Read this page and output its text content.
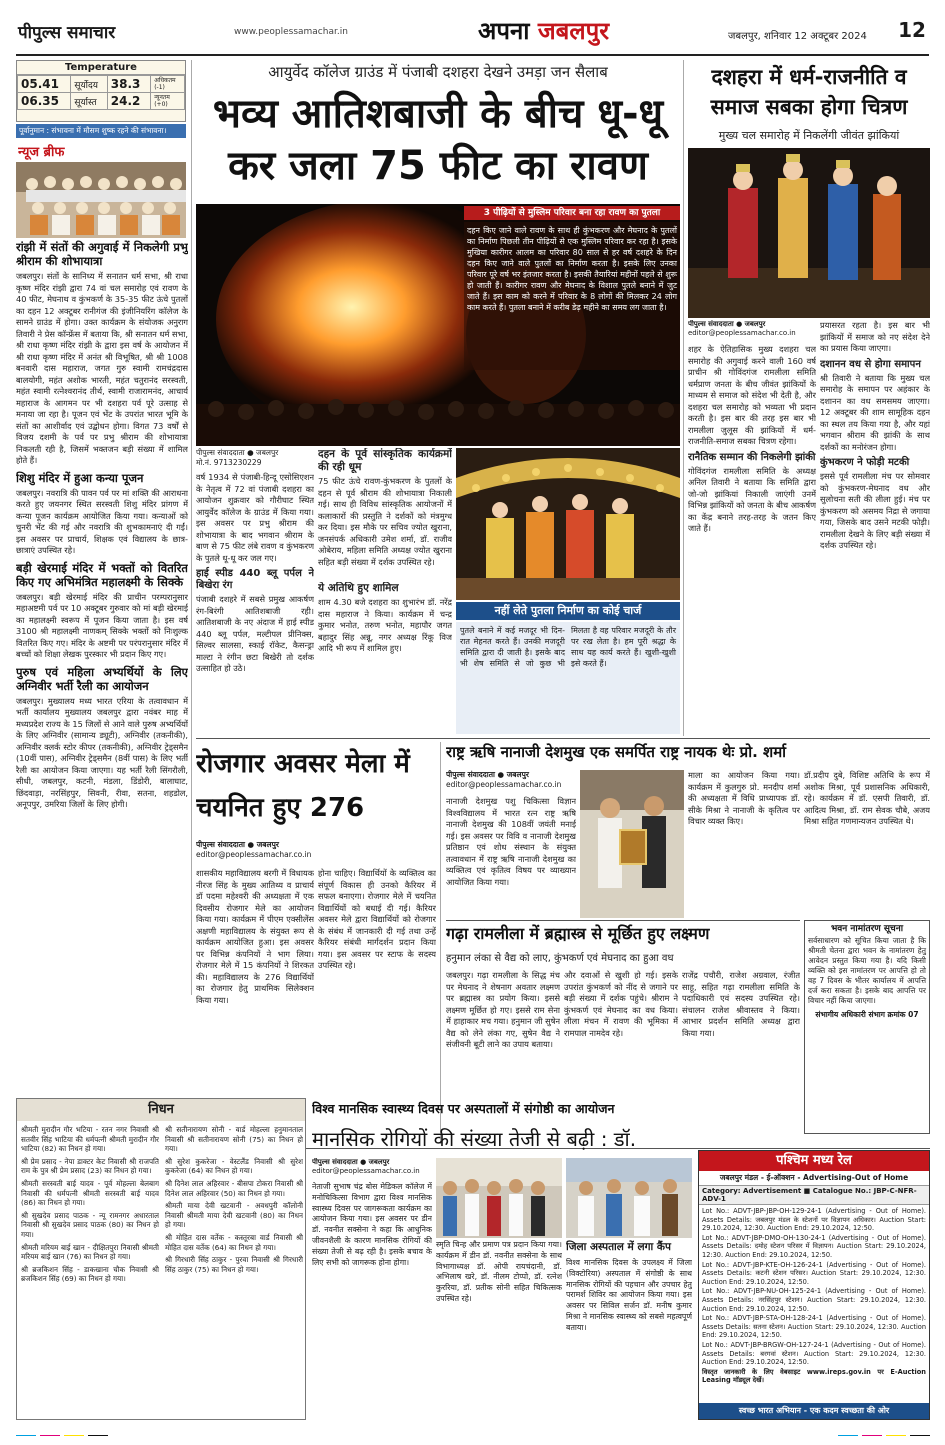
पीपुल्स समाचार	www.peoplessamachar.in	अपना जबलपुर	जबलपुर, शनिवार 12 अक्टूबर 2024 12
Temperature
05.41	सूर्योदय	38.3	अधिकतम
(-1)
06.35	सूर्यास्त	24.2	न्यूनतम
(+0)
पूर्वानुमान : संभावना में मौसम शुष्क रहने की संभावना।
न्यूज ब्रीफ
रांझी में संतों की अगुवाई में निकलेगी प्रभु श्रीराम की शोभायात्रा

जबलपुर। संतों के सानिध्य में सनातन धर्म सभा, श्री राधा कृष्ण मंदिर रांझी द्वारा 74 वां चल समारोह एवं रावण के 40 फीट, मेघनाथ व कुंभकर्ण के 35-35 फीट ऊंचे पुतलों का दहन 12 अक्टूबर रानीगंज की इंजीनियरिंग कॉलेज के सामने ग्राउंड में होगा। उक्त कार्यक्रम के संयोजक अनुराग तिवारी ने प्रेस कॉन्फ्रेंस में बताया कि, श्री सनातन धर्म सभा, श्री राधा कृष्ण मंदिर रांझी के द्वारा इस वर्ष के आयोजन में श्री राधा कृष्ण मंदिर में अनंत श्री विभूषित, श्री श्री 1008 बनवारी दास महाराज, जगत गुरु स्वामी रामचंद्रदास बालयोगी, महंत अशोक भारती, महंत चतुरानंद सरस्वती, महंत स्वामी रत्नेश्वरानंद तीर्थ, स्वामी राजारामनंद, आचार्य महाराज के आगमन पर भी दशहरा पर्व पूरे उत्साह से मनाया जा रहा है। पूजन एवं भेंट के उपरांत भारत भूमि के संतों का आशीर्वाद एवं उद्बोधन होगा। विगत 73 वर्षों से विजय दशमी के पर्व पर प्रभु श्रीराम की शोभायात्रा निकलती रही है, जिसमें भक्तजन बड़ी संख्या में शामिल होते हैं।

शिशु मंदिर में हुआ कन्या पूजन

जबलपुर। नवरात्रि की पावन पर्व पर मां शक्ति की आराधना करते हुए जयनगर स्थित सरस्वती शिशु मंदिर प्रांगण में कन्या पूजन कार्यक्रम आयोजित किया गया। कन्याओं को चुनरी भेंट की गई और नवरात्रि की शुभकामनाएं दी गईं। इस अवसर पर प्राचार्य, शिक्षक एवं विद्यालय के छात्र-छात्राएं उपस्थित रहे।

बड़ी खेरमाई मंदिर में भक्तों को वितरित किए गए अभिमंत्रित महालक्ष्मी के सिक्के

जबलपुर। बड़ी खेरमाई मंदिर की प्राचीन परम्परानुसार महाअष्टमी पर्व पर 10 अक्टूबर गुरुवार को मां बड़ी खेरमाई का महालक्ष्मी स्वरूप में पूजन किया जाता है। इस वर्ष 3100 श्री महालक्ष्मी नाणकम् सिक्के भक्तों को निःशुल्क वितरित किए गए। मंदिर के अष्टमी पर परंपरानुसार मंदिर में बच्चों को शिक्षा लेखक पुरस्कार भी प्रदान किए गए।

पुरुष एवं महिला अभ्यर्थियों के लिए अग्निवीर भर्ती रैली का आयोजन

जबलपुर। मुख्यालय मध्य भारत एरिया के तत्वावधान में भर्ती कार्यालय मुख्यालय जबलपुर द्वारा नवंबर माह में मध्यप्रदेश राज्य के 15 जिलों से आने वाले पुरुष अभ्यर्थियों के लिए अग्निवीर (सामान्य ड्यूटी), अग्निवीर (तकनीकी), अग्निवीर क्लर्क स्टोर कीपर (तकनीकी), अग्निवीर ट्रेड्समैन (10वीं पास), अग्निवीर ट्रेड्समैन (8वीं पास) के लिए भर्ती रैली का आयोजन किया जाएगा। यह भर्ती रैली सिंगरौली, सीधी, जबलपुर, कटनी, मंडला, डिंडोरी, बालाघाट, छिंदवाड़ा, नरसिंहपुर, सिवनी, रीवा, सतना, शहडोल, अनूपपुर, उमरिया जिलों के लिए होगी।

आयुर्वेद कॉलेज ग्राउंड में पंजाबी दशहरा देखने उमड़ा जन सैलाब
भव्य आतिशबाजी के बीच धू-धू कर जला 75 फीट का रावण
3 पीढ़ियों से मुस्लिम परिवार बना रहा रावण का पुतला
दहन किए जाने वाले रावण के साथ ही कुंभकरण और मेघनाद के पुतलों का निर्माण पिछली तीन पीढ़ियों से एक मुस्लिम परिवार कर रहा है। इसके मुखिया कारीगर आलम का परिवार 80 साल से हर वर्ष दशहरे के दिन दहन किए जाने वाले पुतलों का निर्माण करता है। इसके लिए उनका परिवार पूरे वर्ष भर इंतजार करता है। इसकी तैयारियां महीनों पहले से शुरू हो जाती हैं। कारीगर रावण और मेघनाद के विशाल पुतले बनाने में जुट जाते हैं। इस काम को करने में परिवार के 8 लोगों की मिलकर 24 लोग काम करते हैं। पुतला बनाने में करीब डेढ़ महीने का समय लग जाता है।
पीपुल्स संवाददाता ● जबलपुर
मो.नं. 9713230229

वर्ष 1934 से पंजाबी-हिन्दू एसोसिएशन के नेतृत्व में 72 वां पंजाबी दशहरा का आयोजन शुक्रवार को गौरीघाट स्थित आयुर्वेद कॉलेज के ग्राउंड में किया गया। इस अवसर पर प्रभु श्रीराम की शोभायात्रा के बाद भगवान श्रीराम के बाण से 75 फीट लंबे रावण व कुंभकरण के पुतले धू-धू कर जल गए।

हाई स्पीड 440 ब्लू पर्पल ने बिखेरा रंग

पंजाबी दशहरे में सबसे प्रमुख आकर्षण रंग-बिरंगी आतिशबाजी रही। आतिशबाजी के नए अंदाज में हाई स्पीड 440 ब्लू पर्पल, मल्टीपल प्रीनिक्स, सिल्वर सालसा, स्काई रॉकेट, कैसन्ड्रा माल्टा ने रंगीन छटा बिखेरी तो दर्शक उत्साहित हो उठे।

दहन के पूर्व सांस्कृतिक कार्यक्रमों की रही धूम

75 फीट ऊंचे रावण-कुंभकरण के पुतलों के दहन से पूर्व श्रीराम की शोभायात्रा निकाली गई। साथ ही विविध सांस्कृतिक आयोजनों में कलाकारों की प्रस्तुति ने दर्शकों को मंत्रमुग्ध कर दिया। इस मौके पर सचिव ज्योत खुराना, जनसंपर्क अधिकारी उमेश शर्मा, डॉ. राजीव ओबेराय, महिला समिति अध्यक्ष ज्योत खुराना सहित बड़ी संख्या में दर्शक उपस्थित रहे।

ये अतिथि हुए शामिल

शाम 4.30 बजे दशहरा का शुभारंभ डॉ. नरेंद्र दास महाराज ने किया। कार्यक्रम में चन्द्र कुमार भनोत, तरुण भनोत, महापौर जगत बहादुर सिंह अन्नू, नगर अध्यक्ष रिंकू विज आदि भी रूप में शामिल हुए।

नहीं लेते पुतला निर्माण का कोई चार्ज
पुतले बनाने में कई मजदूर भी दिन-रात मेहनत करते हैं। उनकी मजदूरी समिति द्वारा दी जाती है। इसके बाद भी शेष समिति से जो कुछ भी मिलता है वह परिवार मजदूरी के तौर पर रख लेता है। हम पूरी श्रद्धा के साथ यह कार्य करते हैं। खुशी-खुशी इसे करते हैं।
दशहरा में धर्म-राजनीति व समाज सबका होगा चित्रण
मुख्य चल समारोह में निकलेंगी जीवंत झांकियां
पीपुल्स संवाददाता ● जबलपुर
editor@peoplessamachar.co.in

शहर के ऐतिहासिक मुख्य दशहरा चल समारोह की अगुवाई करने वाली 160 वर्ष प्राचीन श्री गोविंदगंज रामलीला समिति धर्मप्राण जनता के बीच जीवंत झांकियों के माध्यम से समाज को संदेश भी देती है, और दशहरा चल समारोह को भव्यता भी प्रदान करती है। इस बार की तरह इस बार भी रामलीला जुलूस की झांकियों में धर्म-राजनीति-समाज सबका चित्रण रहेगा।

रानैतिक सम्मान की निकलेगी झांकी

गोविंदगंज रामलीला समिति के अध्यक्ष अनिल तिवारी ने बताया कि समिति द्वारा जो-जो झांकियां निकाली जाएंगी उनमें विभिन्न झांकियों को जनता के बीच आकर्षण का केंद्र बनाने तरह-तरह के जतन किए जाते हैं।

प्रयासरत रहता है। इस बार भी झांकियों में समाज को नए संदेश देने का प्रयास किया जाएगा।

दशानन वध से होगा समापन

श्री तिवारी ने बताया कि मुख्य चल समारोह के समापन पर अहंकार के दशानन का वध समसमय जाएगा। 12 अक्टूबर की शाम सामूहिक दहन का स्थल तय किया गया है, और यहां भगवान श्रीराम की झांकी के साथ दर्शकों का मनोरंजन होगा।

कुंभकरण ने फोड़ी मटकी

इससे पूर्व रामलीला मंच पर सोमवार को कुंभकरण-मेघनाद वध और सुलोचना सती की लीला हुई। मंच पर कुंभकरण को असमय निद्रा से जगाया गया, जिसके बाद उसने मटकी फोड़ी। रामलीला देखने के लिए बड़ी संख्या में दर्शक उपस्थित रहे।

रोजगार अवसर मेला में चयनित हुए 276
पीपुल्स संवाददाता ● जबलपुर
editor@peoplessamachar.co.in
शासकीय महाविद्यालय बरगी में विधायक नीरज सिंह के मुख्य आतिथ्य व प्राचार्य डॉ पदमा महेश्वरी की अध्यक्षता में एक दिवसीय रोजगार मेले का आयोजन किया गया। कार्यक्रम में पीएम एक्सीलेंस अक्षणी महाविद्यालय के संयुक्त रूप से कार्यक्रम आयोजित हुआ। इस अवसर पर विभिन्न कंपनियों ने भाग लिया। रोजगार मेले में 15 कंपनियों ने शिरकत की। महाविद्यालय के 276 विद्यार्थियों का रोजगार हेतु प्राथमिक सिलेक्शन किया गया।
होना चाहिए। विद्यार्थियों के व्यक्तित्व का संपूर्ण विकास ही उनको कैरियर में सफल बनाएगा। रोजगार मेले में चयनित विद्यार्थियों को बधाई दी गई। कैरियर अवसर मेले द्वारा विद्यार्थियों को रोजगार के संबंध में जानकारी दी गई तथा उन्हें कैरियर संबंधी मार्गदर्शन प्रदान किया गया। इस अवसर पर स्टाफ के सदस्य उपस्थित रहे।
राष्ट्र ऋषि नानाजी देशमुख एक समर्पित राष्ट्र नायक थेः प्रो. शर्मा
पीपुल्स संवाददाता ● जबलपुर
editor@peoplessamachar.co.in
नानाजी देशमुख पशु चिकित्सा विज्ञान विश्वविद्यालय में भारत रत्न राष्ट्र ऋषि नानाजी देशमुख की 108वीं जयंती मनाई गई। इस अवसर पर विवि व नानाजी देशमुख प्रतिष्ठान एवं शोध संस्थान के संयुक्त तत्वावधान में राष्ट्र ऋषि नानाजी देशमुख का व्यक्तित्व एवं कृतित्व विषय पर व्याख्यान आयोजित किया गया।
माला का आयोजन किया गया। कार्यक्रम में कुलगुरु प्रो. मनदीप शर्मा की अध्यक्षता में विधि प्राध्यापक डॉ. सीके मिश्रा ने नानाजी के कृतित्व पर विचार व्यक्त किए।
डॉ.प्रदीप दुबे, विशिष्ट अतिथि के रूप में अशोक मिश्रा, पूर्व प्रशासनिक अधिकारी, रहे। कार्यक्रम में डॉ. एसपी तिवारी, डॉ. आदित्य मिश्रा, डॉ. राम सेवक चौबे, अजय मिश्रा सहित गणमान्यजन उपस्थित थे।
भवन नामांतरण सूचना
सर्वसाधारण को सूचित किया जाता है कि श्रीमती चेतना द्वारा भवन के नामांतरण हेतु आवेदन प्रस्तुत किया गया है। यदि किसी व्यक्ति को इस नामांतरण पर आपत्ति हो तो वह 7 दिवस के भीतर कार्यालय में आपत्ति दर्ज करा सकता है। इसके बाद आपत्ति पर विचार नहीं किया जाएगा।
संभागीय अधिकारी संभाग क्रमांक 07
गढ़ा रामलीला में ब्रह्मास्त्र से मूर्छित हुए लक्ष्मण
हनुमान लंका से वैद्य को लाए, कुंभकर्ण एवं मेघनाद का हुआ वध
जबलपुर। गढ़ा रामलीला के सिद्ध मंच पर मेघनाद ने शेषनाग अवतार लक्ष्मण पर ब्रह्मास्त्र का प्रयोग किया। इससे लक्ष्मण मूर्छित हो गए। इससे राम सेना में हाहाकार मच गया। हनुमान जी सुषेन वैद्य को लेने लंका गए, सुषेन वैद्य ने संजीवनी बूटी लाने का उपाय बताया।
और दवाओं से खुशी हो गई। इसके उपरांत कुंभकर्ण को नींद से जगाने पर बड़ी संख्या में दर्शक पहुंचे। श्रीराम ने कुंभकर्ण एवं मेघनाद का वध किया। लीला मंचन में रावण की भूमिका में रामपाल नामदेव रहे।
राजेंद्र पचौरी, राजेश अग्रवाल, रंजीत साहू, सहित गढ़ा रामलीला समिति के पदाधिकारी एवं सदस्य उपस्थित रहे। संचालन राजेश श्रीवास्तव ने किया। आभार प्रदर्शन समिति अध्यक्ष द्वारा किया गया।
निधन

श्रीमती मुरादीन गौर भटिया - रतन नगर निवासी श्री सतवीर सिंह भाटिया की धर्मपत्नी श्रीमती मुरादीन गौर भाटिया (82) का निधन हो गया।

श्री प्रेम प्रसाद - नेपा डाक्टर केट निवासी श्री राजपति राम के पुत्र श्री प्रेम प्रसाद (23) का निधन हो गया।

श्रीमती सरस्वती बाई यादव - पूर्व मोहल्ला बेलबाग निवासी की धर्मपत्नी श्रीमती सरस्वती बाई यादव (86) का निधन हो गया।

श्री सुखदेव प्रसाद पाठक - न्यू रामनगर अधारताल निवासी श्री सुखदेव प्रसाद पाठक (80) का निधन हो गया।

श्रीमती मरियम बाई खान - दीक्षितपुरा निवासी श्रीमती मरियम बाई खान (76) का निधन हो गया।

श्री ब्रजकिशन सिंह - डाकखाना चौक निवासी श्री ब्रजकिशन सिंह (69) का निधन हो गया।

श्री सतीनारायण सोनी - वार्ड मोहल्ला हनुमानताल निवासी श्री सतीनारायण सोनी (75) का निधन हो गया।

श्री सुरेश कुकरेजा - वेस्टलैंड निवासी श्री सुरेश कुकरेजा (64) का निधन हो गया।

श्री दिनेश लाल अहिरवार - बीसपा टोकरा निवासी श्री दिनेश लाल अहिरवार (50) का निधन हो गया।

श्रीमती माया देवी खटवानी - अवधपुरी कॉलोनी निवासी श्रीमती माया देवी खटवानी (80) का निधन हो गया।

श्री मोहित दास वर्तेक - कस्तूरबा वार्ड निवासी श्री मोहित दास वर्तेक (64) का निधन हो गया।

श्री गिरधारी सिंह ठाकुर - पुरवा निवासी श्री गिरधारी सिंह ठाकुर (75) का निधन हो गया।

विश्व मानसिक स्वास्थ्य दिवस पर अस्पतालों में संगोष्ठी का आयोजन
मानसिक रोगियों की संख्या तेजी से बढ़ी : डॉ.
पीपुल्स संवाददाता ● जबलपुर
editor@peoplessamachar.co.in
नेताजी सुभाष चंद्र बोस मेडिकल कॉलेज में मनोचिकित्सा विभाग द्वारा विश्व मानसिक स्वास्थ्य दिवस पर जागरूकता कार्यक्रम का आयोजन किया गया। इस अवसर पर डीन डॉ. नवनीत सक्सेना ने कहा कि आधुनिक जीवनशैली के कारण मानसिक रोगियों की संख्या तेजी से बढ़ रही है। इसके बचाव के लिए सभी को जागरूक होना होगा।
स्मृति चिन्ह और प्रमाण पत्र प्रदान किया गया। कार्यक्रम में डीन डॉ. नवनीत सक्सेना के साथ विभागाध्यक्ष डॉ. ओपी रायचंदानी, डॉ. अभिलाष खरे, डॉ. नीलम टोप्पो, डॉ. रत्नेश कुररिया, डॉ. प्रतीक सोनी सहित चिकित्सक उपस्थित रहे।
जिला अस्पताल में लगा कैंप
विश्व मानसिक दिवस के उपलक्ष्य में जिला (विक्टोरिया) अस्पताल में संगोष्ठी के साथ मानसिक रोगियों की पहचान और उपचार हेतु परामर्श शिविर का आयोजन किया गया। इस अवसर पर सिविल सर्जन डॉ. मनीष कुमार मिश्रा ने मानसिक स्वास्थ्य को सबसे महत्वपूर्ण बताया।
पश्चिम मध्य रेल
जबलपुर मंडल - ई-ऑक्शन - Advertising-Out of Home
Category: Advertisement ■ Catalogue No.: JBP-C-NFR-ADV-1

Lot No.: ADVT-JBP-JBP-OH-129-24-1 (Advertising - Out of Home). Assets Details: जबलपुर मंडल के स्टेशनों पर विज्ञापन अधिकार। Auction Start: 29.10.2024, 12:30. Auction End: 29.10.2024, 12:50.

Lot No.: ADVT-JBP-DMO-OH-130-24-1 (Advertising - Out of Home). Assets Details: दमोह स्टेशन परिसर में विज्ञापन। Auction Start: 29.10.2024, 12:30. Auction End: 29.10.2024, 12:50.

Lot No.: ADVT-JBP-KTE-OH-126-24-1 (Advertising - Out of Home). Assets Details: कटनी स्टेशन परिसर। Auction Start: 29.10.2024, 12:30. Auction End: 29.10.2024, 12:50.

Lot No.: ADVT-JBP-NU-OH-125-24-1 (Advertising - Out of Home). Assets Details: नरसिंहपुर स्टेशन। Auction Start: 29.10.2024, 12:30. Auction End: 29.10.2024, 12:50.

Lot No.: ADVT-JBP-STA-OH-128-24-1 (Advertising - Out of Home). Assets Details: सतना स्टेशन। Auction Start: 29.10.2024, 12:30. Auction End: 29.10.2024, 12:50.

Lot No.: ADVT-JBP-BRGW-OH-127-24-1 (Advertising - Out of Home). Assets Details: बरगवां स्टेशन। Auction Start: 29.10.2024, 12:30. Auction End: 29.10.2024, 12:50.

विस्तृत जानकारी के लिए वेबसाइट www.ireps.gov.in पर E-Auction Leasing मॉड्यूल देखें।

स्वच्छ भारत अभियान - एक कदम स्वच्छता की ओर
